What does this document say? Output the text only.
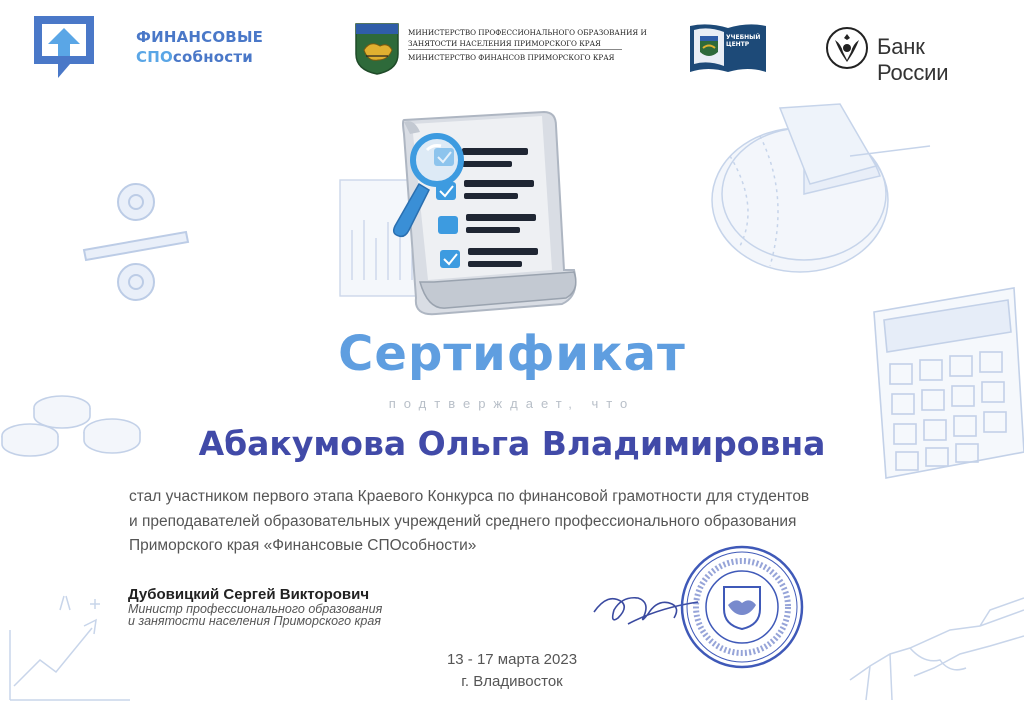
ФИНАНСОВЫЕ
СПОсобности
МИНИСТЕРСТВО ПРОФЕССИОНАЛЬНОГО ОБРАЗОВАНИЯ И
ЗАНЯТОСТИ НАСЕЛЕНИЯ ПРИМОРСКОГО КРАЯ
МИНИСТЕРСТВО ФИНАНСОВ ПРИМОРСКОГО КРАЯ
УЧЕБНЫЙ
ЦЕНТР	Банк России
Сертификат
подтверждает, что
Абакумова Ольга Владимировна
стал участником первого этапа Краевого Конкурса по финансовой грамотности для студентов
и преподавателей образовательных учреждений среднего профессионального образования
Приморского края «Финансовые СПОсобности»
Дубовицкий Сергей Викторович
Министр профессионального образования
и занятости населения Приморского края
13 - 17 марта 2023
г. Владивосток
